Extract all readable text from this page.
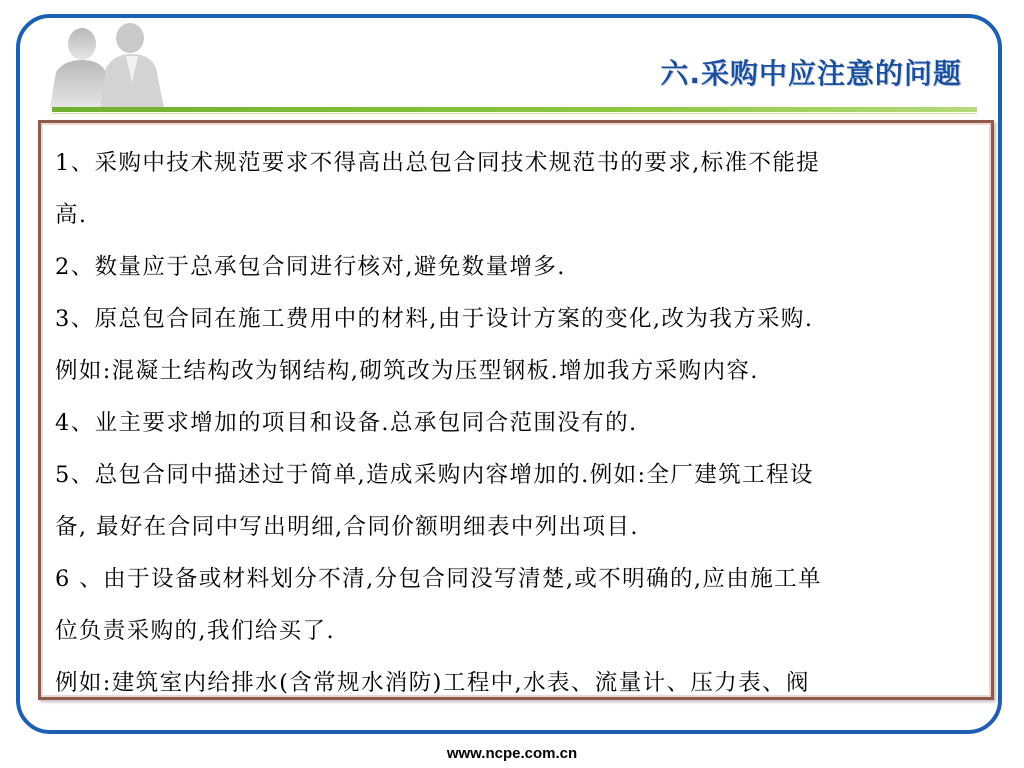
六.采购中应注意的问题

1、采购中技术规范要求不得高出总包合同技术规范书的要求,标准不能提

高.

2、数量应于总承包合同进行核对,避免数量增多.

3、原总包合同在施工费用中的材料,由于设计方案的变化,改为我方采购.

例如:混凝土结构改为钢结构,砌筑改为压型钢板.增加我方采购内容.

4、业主要求增加的项目和设备.总承包同合范围没有的.

5、总包合同中描述过于简单,造成采购内容增加的.例如:全厂建筑工程设

备, 最好在合同中写出明细,合同价额明细表中列出项目.

6 、由于设备或材料划分不清,分包合同没写清楚,或不明确的,应由施工单

位负责采购的,我们给买了.

例如:建筑室内给排水(含常规水消防)工程中,水表、流量计、压力表、阀

www.ncpe.com.cn
